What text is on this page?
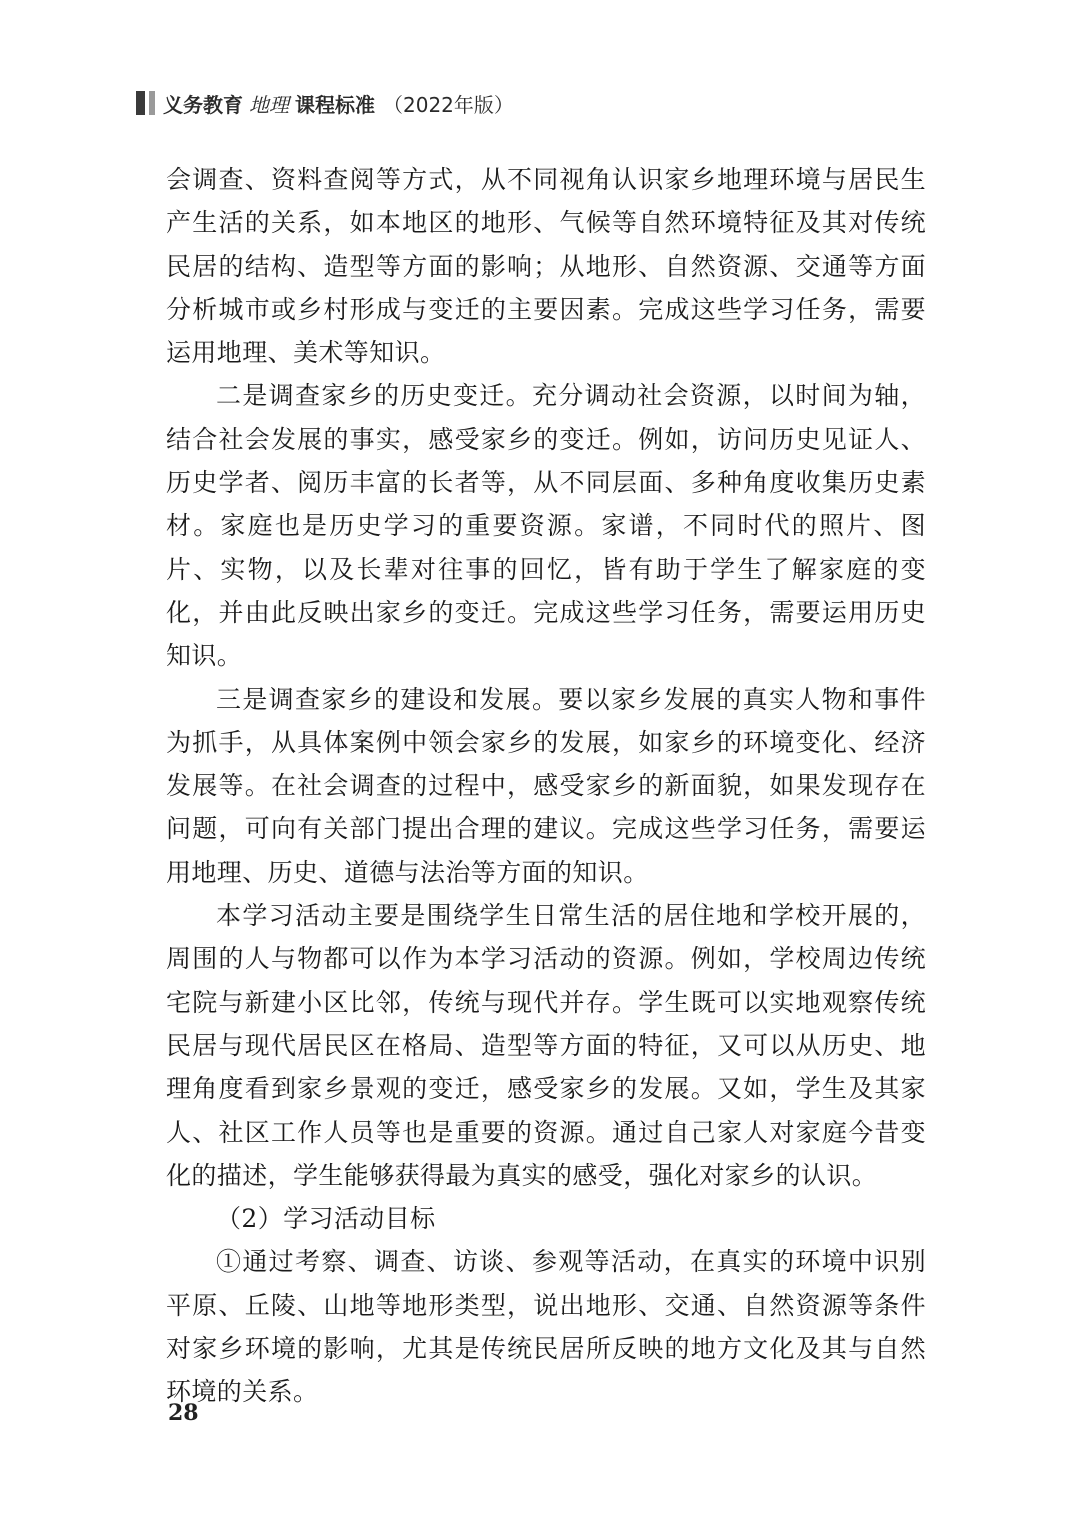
义务教育 地理 课程标准 （2022年版）

会调查、资料查阅等方式，从不同视角认识家乡地理环境与居民生产生活的关系，如本地区的地形、气候等自然环境特征及其对传统民居的结构、造型等方面的影响；从地形、自然资源、交通等方面分析城市或乡村形成与变迁的主要因素。完成这些学习任务，需要运用地理、美术等知识。

二是调查家乡的历史变迁。充分调动社会资源，以时间为轴，结合社会发展的事实，感受家乡的变迁。例如，访问历史见证人、历史学者、阅历丰富的长者等，从不同层面、多种角度收集历史素材。家庭也是历史学习的重要资源。家谱，不同时代的照片、图片、实物，以及长辈对往事的回忆，皆有助于学生了解家庭的变化，并由此反映出家乡的变迁。完成这些学习任务，需要运用历史知识。

三是调查家乡的建设和发展。要以家乡发展的真实人物和事件为抓手，从具体案例中领会家乡的发展，如家乡的环境变化、经济发展等。在社会调查的过程中，感受家乡的新面貌，如果发现存在问题，可向有关部门提出合理的建议。完成这些学习任务，需要运用地理、历史、道德与法治等方面的知识。

本学习活动主要是围绕学生日常生活的居住地和学校开展的，周围的人与物都可以作为本学习活动的资源。例如，学校周边传统宅院与新建小区比邻，传统与现代并存。学生既可以实地观察传统民居与现代居民区在格局、造型等方面的特征，又可以从历史、地理角度看到家乡景观的变迁，感受家乡的发展。又如，学生及其家人、社区工作人员等也是重要的资源。通过自己家人对家庭今昔变化的描述，学生能够获得最为真实的感受，强化对家乡的认识。

（2）学习活动目标

①通过考察、调查、访谈、参观等活动，在真实的环境中识别平原、丘陵、山地等地形类型，说出地形、交通、自然资源等条件对家乡环境的影响，尤其是传统民居所反映的地方文化及其与自然环境的关系。

28
